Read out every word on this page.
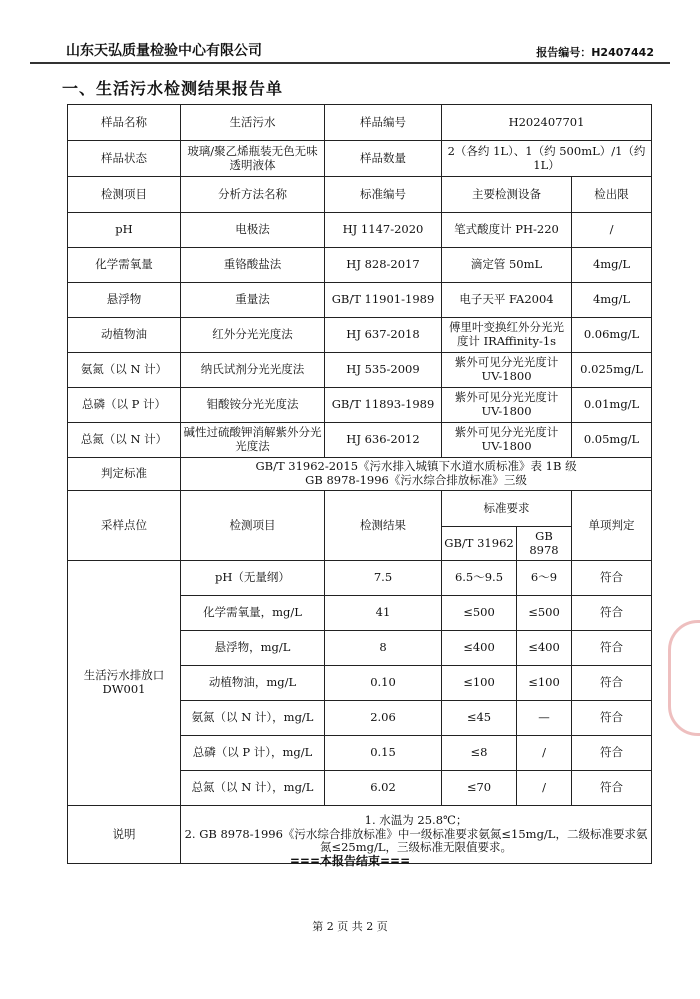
山东天弘质量检验中心有限公司	报告编号：H2407442
一、生活污水检测结果报告单
样品名称	生活污水	样品编号	H202407701		
样品状态	玻璃/聚乙烯瓶装无色无味透明液体	样品数量	2（各约 1L）、1（约 500mL）/1（约 1L）		
检测项目	分析方法名称	标准编号	主要检测设备		检出限
pH	电极法	HJ 1147-2020	笔式酸度计 PH-220		/
化学需氧量	重铬酸盐法	HJ 828-2017	滴定管 50mL		4mg/L
悬浮物	重量法	GB/T 11901-1989	电子天平 FA2004		4mg/L
动植物油	红外分光光度法	HJ 637-2018	傅里叶变换红外分光光度计 IRAffinity-1s		0.06mg/L
氨氮（以 N 计）	纳氏试剂分光光度法	HJ 535-2009	紫外可见分光光度计 UV-1800		0.025mg/L
总磷（以 P 计）	钼酸铵分光光度法	GB/T 11893-1989	紫外可见分光光度计 UV-1800		0.01mg/L
总氮（以 N 计）	碱性过硫酸钾消解紫外分光光度法	HJ 636-2012	紫外可见分光光度计 UV-1800		0.05mg/L
判定标准	GB/T 31962-2015《污水排入城镇下水道水质标准》表 1B 级
GB 8978-1996《污水综合排放标准》三级				

采样点位	检测项目	检测结果	标准要求		单项判定
			GB/T 31962	GB 8978	

生活污水排放口
DW001	pH（无量纲）	7.5	6.5～9.5	6～9	符合
	化学需氧量，mg/L	41	≤500	≤500	符合
	悬浮物，mg/L	8	≤400	≤400	符合
	动植物油，mg/L	0.10	≤100	≤100	符合
	氨氮（以 N 计），mg/L	2.06	≤45	—	符合
	总磷（以 P 计），mg/L	0.15	≤8	/	符合
	总氮（以 N 计），mg/L	6.02	≤70	/	符合
说明	1. 水温为 25.8℃；
2. GB 8978-1996《污水综合排放标准》中一级标准要求氨氮≤15mg/L，二级标准要求氨氮≤25mg/L，三级标准无限值要求。				
===本报告结束===
第 2 页 共 2 页
